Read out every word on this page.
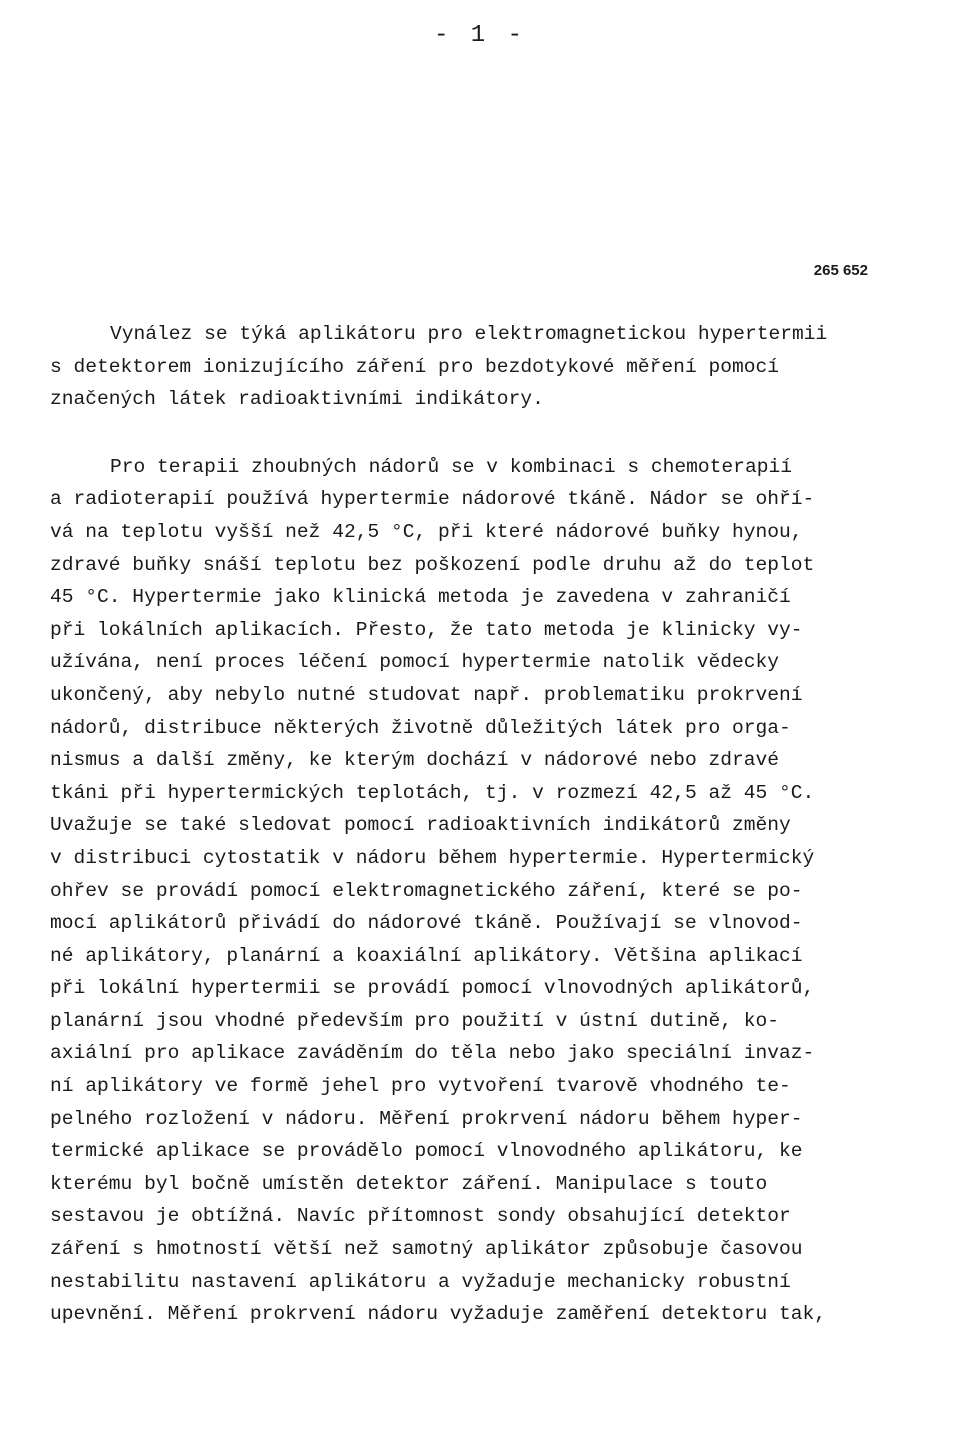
- 1 -
265 652
Vynález se týká aplikátoru pro elektromagnetickou hypertermii
s detektorem ionizujícího záření pro bezdotykové měření pomocí
značených látek radioaktivními indikátory.
Pro terapii zhoubných nádorů se v kombinaci s chemoterapií
a radioterapií používá hypertermie nádorové tkáně. Nádor se ohří-
vá na teplotu vyšší než 42,5 °C, při které nádorové buňky hynou,
zdravé buňky snáší teplotu bez poškození podle druhu až do teplot
45 °C. Hypertermie jako klinická metoda je zavedena v zahraničí
při lokálních aplikacích. Přesto, že tato metoda je klinicky vy-
užívána, není proces léčení pomocí hypertermie natolik vědecky
ukončený, aby nebylo nutné studovat např. problematiku prokrvení
nádorů, distribuce některých životně důležitých látek pro orga-
nismus a další změny, ke kterým dochází v nádorové nebo zdravé
tkáni při hypertermických teplotách, tj. v rozmezí 42,5 až 45 °C.
Uvažuje se také sledovat pomocí radioaktivních indikátorů změny
v distribuci cytostatik v nádoru během hypertermie. Hypertermický
ohřev se provádí pomocí elektromagnetického záření, které se po-
mocí aplikátorů přivádí do nádorové tkáně. Používají se vlnovod-
né aplikátory, planární a koaxiální aplikátory. Většina aplikací
při lokální hypertermii se provádí pomocí vlnovodných aplikátorů,
planární jsou vhodné především pro použití v ústní dutině, ko-
axiální pro aplikace zaváděním do těla nebo jako speciální invaz-
ní aplikátory ve formě jehel pro vytvoření tvarově vhodného te-
pelného rozložení v nádoru. Měření prokrvení nádoru během hyper-
termické aplikace se provádělo pomocí vlnovodného aplikátoru, ke
kterému byl bočně umístěn detektor záření. Manipulace s touto
sestavou je obtížná. Navíc přítomnost sondy obsahující detektor
záření s hmotností větší než samotný aplikátor způsobuje časovou
nestabilitu nastavení aplikátoru a vyžaduje mechanicky robustní
upevnění. Měření prokrvení nádoru vyžaduje zaměření detektoru tak,
